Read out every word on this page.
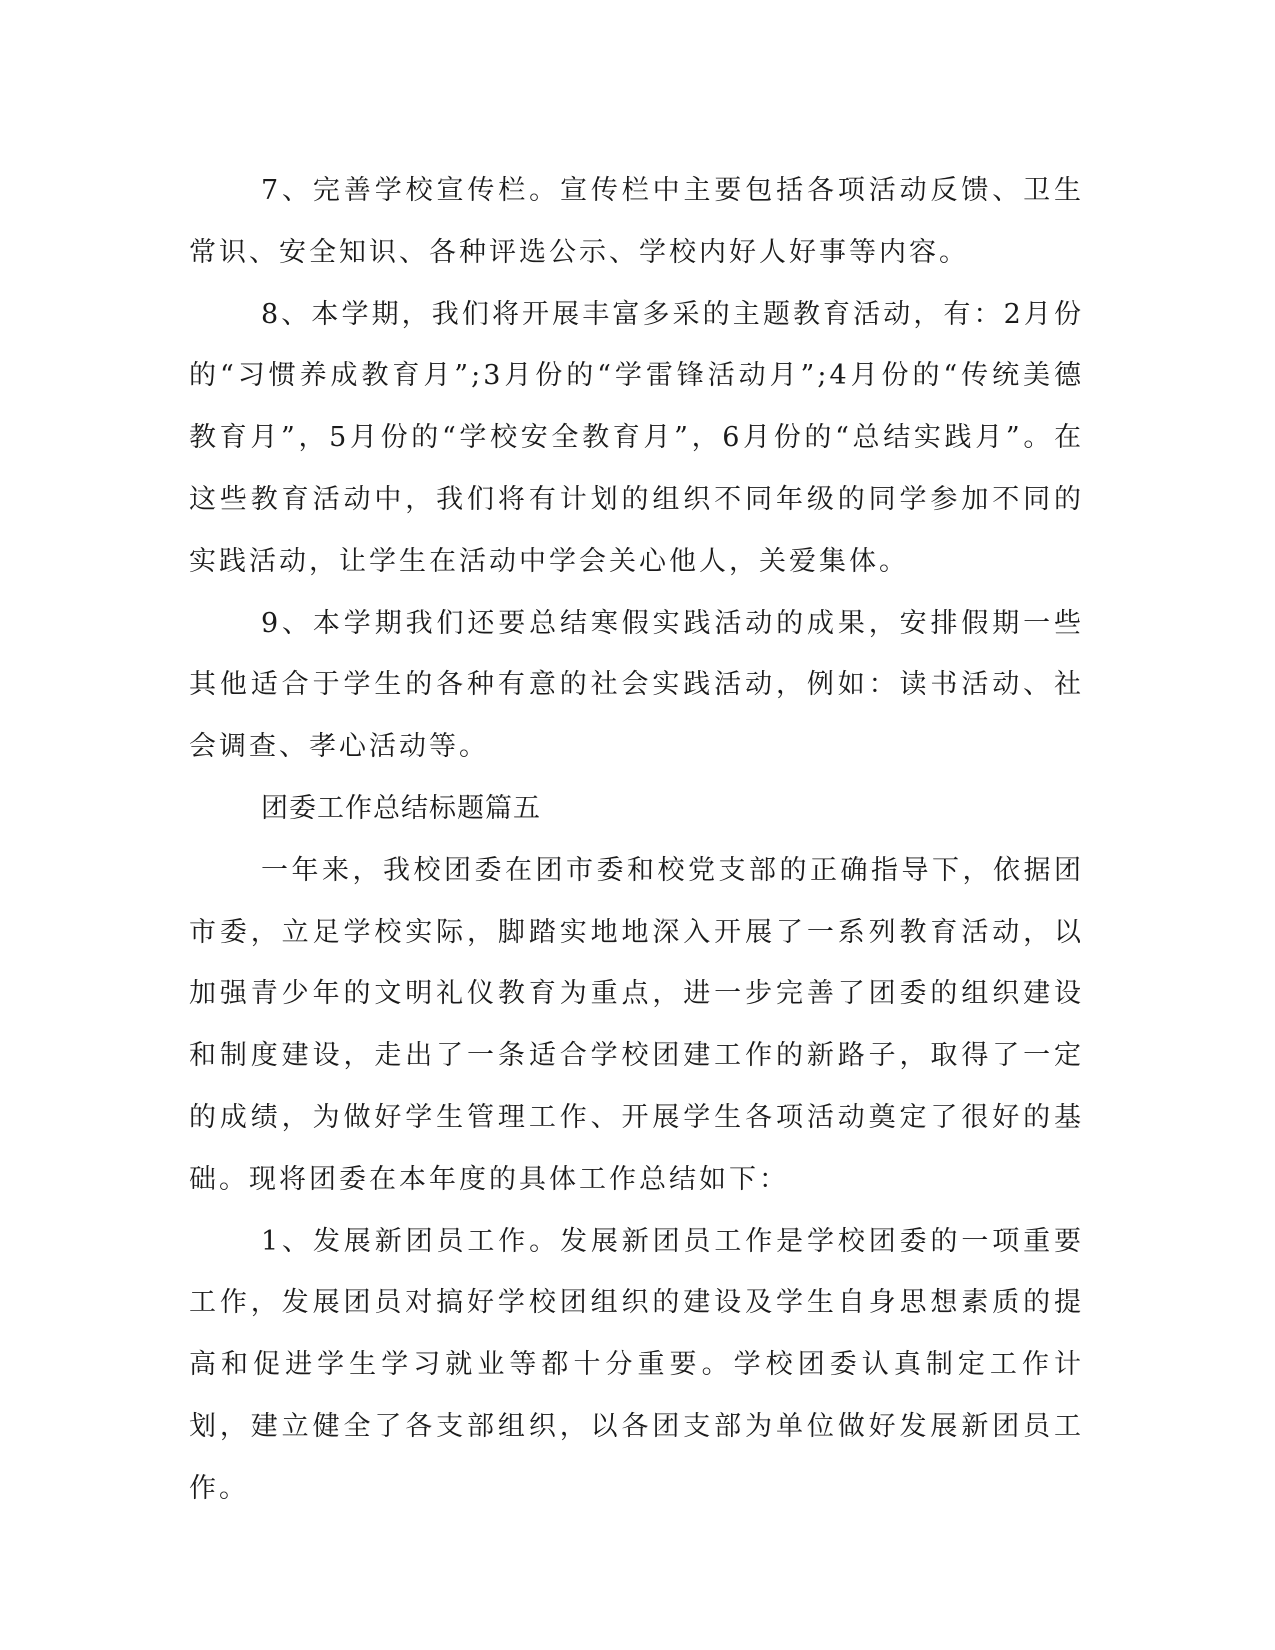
7、完善学校宣传栏。宣传栏中主要包括各项活动反馈、卫生常识、安全知识、各种评选公示、学校内好人好事等内容。

8、本学期，我们将开展丰富多采的主题教育活动，有：2月份的“习惯养成教育月”;3月份的“学雷锋活动月”;4月份的“传统美德教育月”，5月份的“学校安全教育月”，6月份的“总结实践月”。在这些教育活动中，我们将有计划的组织不同年级的同学参加不同的实践活动，让学生在活动中学会关心他人，关爱集体。

9、本学期我们还要总结寒假实践活动的成果，安排假期一些其他适合于学生的各种有意的社会实践活动，例如：读书活动、社会调查、孝心活动等。

团委工作总结标题篇五

一年来，我校团委在团市委和校党支部的正确指导下，依据团市委，立足学校实际，脚踏实地地深入开展了一系列教育活动，以加强青少年的文明礼仪教育为重点，进一步完善了团委的组织建设和制度建设，走出了一条适合学校团建工作的新路子，取得了一定的成绩，为做好学生管理工作、开展学生各项活动奠定了很好的基础。现将团委在本年度的具体工作总结如下：

1、发展新团员工作。发展新团员工作是学校团委的一项重要工作，发展团员对搞好学校团组织的建设及学生自身思想素质的提高和促进学生学习就业等都十分重要。学校团委认真制定工作计划，建立健全了各支部组织，以各团支部为单位做好发展新团员工作。
